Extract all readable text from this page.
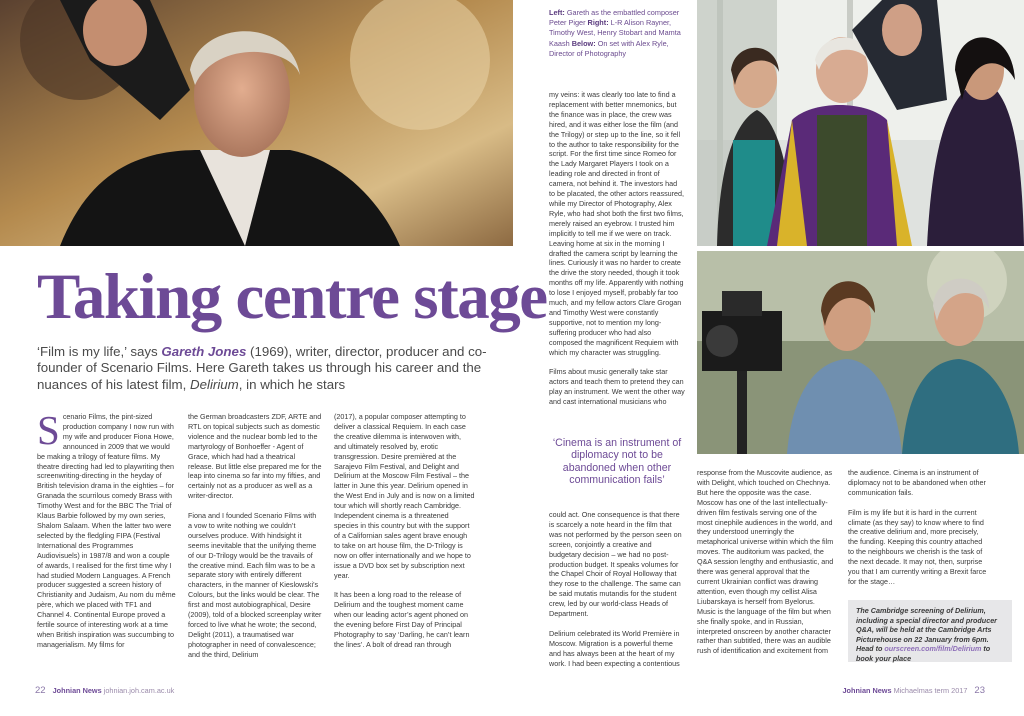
Left: Gareth as the embattled composer Peter Piger Right: L-R Alison Rayner, Timothy West, Henry Stobart and Mamta Kaash Below: On set with Alex Ryle, Director of Photography
Taking centre stage
‘Film is my life,’ says Gareth Jones (1969), writer, director, producer and co-founder of Scenario Films. Here Gareth takes us through his career and the nuances of his latest film, Delirium, in which he stars

Scenario Films, the pint-sized production company I now run with my wife and producer Fiona Howe, announced in 2009 that we would be making a trilogy of feature films. My theatre directing had led to playwriting then screenwriting-directing in the heyday of British television drama in the eighties – for Granada the scurrilous comedy Brass with Timothy West and for the BBC The Trial of Klaus Barbie followed by my own series, Shalom Salaam. When the latter two were selected by the fledgling FIPA (Festival International des Programmes Audiovisuels) in 1987/8 and won a couple of awards, I realised for the first time why I had studied Modern Languages. A French producer suggested a screen history of Christianity and Judaism, Au nom du même père, which we placed with TF1 and Channel 4. Continental Europe proved a fertile source of interesting work at a time when British inspiration was succumbing to managerialism. My films for

the German broadcasters ZDF, ARTE and RTL on topical subjects such as domestic violence and the nuclear bomb led to the martyrology of Bonhoeffer - Agent of Grace, which had had a theatrical release. But little else prepared me for the leap into cinema so far into my fifties, and certainly not as a producer as well as a writer-director.

Fiona and I founded Scenario Films with a vow to write nothing we couldn’t ourselves produce. With hindsight it seems inevitable that the unifying theme of our D-Trilogy would be the travails of the creative mind. Each film was to be a separate story with entirely different characters, in the manner of Kieslowski’s Colours, but the links would be clear. The first and most autobiographical, Desire (2009), told of a blocked screenplay writer forced to live what he wrote; the second, Delight (2011), a traumatised war photographer in need of convalescence; and the third, Delirium

(2017), a popular composer attempting to deliver a classical Requiem. In each case the creative dilemma is interwoven with, and ultimately resolved by, erotic transgression. Desire premièred at the Sarajevo Film Festival, and Delight and Delirium at the Moscow Film Festival – the latter in June this year. Delirium opened in the West End in July and is now on a limited tour which will shortly reach Cambridge. Independent cinema is a threatened species in this country but with the support of a Californian sales agent brave enough to take on art house film, the D-Trilogy is now on offer internationally and we hope to issue a DVD box set by subscription next year.

It has been a long road to the release of Delirium and the toughest moment came when our leading actor’s agent phoned on the evening before First Day of Principal Photography to say ‘Darling, he can’t learn the lines’. A bolt of dread ran through

my veins: it was clearly too late to find a replacement with better mnemonics, but the finance was in place, the crew was hired, and it was either lose the film (and the Trilogy) or step up to the line, so it fell to the author to take responsibility for the script. For the first time since Romeo for the Lady Margaret Players I took on a leading role and directed in front of camera, not behind it. The investors had to be placated, the other actors reassured, while my Director of Photography, Alex Ryle, who had shot both the first two films, merely raised an eyebrow. I trusted him implicitly to tell me if we were on track. Leaving home at six in the morning I drafted the camera script by learning the lines. Curiously it was no harder to create the drive the story needed, though it took months off my life. Apparently with nothing to lose I enjoyed myself, probably far too much, and my fellow actors Clare Grogan and Timothy West were constantly supportive, not to mention my long-suffering producer who had also composed the magnificent Requiem with which my character was struggling.

Films about music generally take star actors and teach them to pretend they can play an instrument. We went the other way and cast international musicians who

‘Cinema is an instrument of diplomacy not to be abandoned when other communication fails’

could act. One consequence is that there is scarcely a note heard in the film that was not performed by the person seen on screen, conjointly a creative and budgetary decision – we had no post-production budget. It speaks volumes for the Chapel Choir of Royal Holloway that they rose to the challenge. The same can be said mutatis mutandis for the student crew, led by our world-class Heads of Department.

Delirium celebrated its World Première in Moscow. Migration is a powerful theme and has always been at the heart of my work. I had been expecting a contentious

response from the Muscovite audience, as with Delight, which touched on Chechnya. But here the opposite was the case. Moscow has one of the last intellectually-driven film festivals serving one of the most cinephile audiences in the world, and they understood unerringly the metaphorical universe within which the film moves. The auditorium was packed, the Q&A session lengthy and enthusiastic, and there was general approval that the current Ukrainian conflict was drawing attention, even though my cellist Alisa Liubarskaya is herself from Byelorus. Music is the language of the film but when she finally spoke, and in Russian, interpreted onscreen by another character rather than subtitled, there was an audible rush of identification and excitement from

the audience. Cinema is an instrument of diplomacy not to be abandoned when other communication fails.

Film is my life but it is hard in the current climate (as they say) to know where to find the creative delirium and, more precisely, the funding. Keeping this country attached to the neighbours we cherish is the task of the next decade. It may not, then, surprise you that I am currently writing a Brexit farce for the stage…

The Cambridge screening of Delirium, including a special director and producer Q&A, will be held at the Cambridge Arts Picturehouse on 22 January from 6pm. Head to ourscreen.com/film/Delirium to book your place
22 Johnian News johnian.joh.cam.ac.uk	Johnian News Michaelmas term 2017 23
